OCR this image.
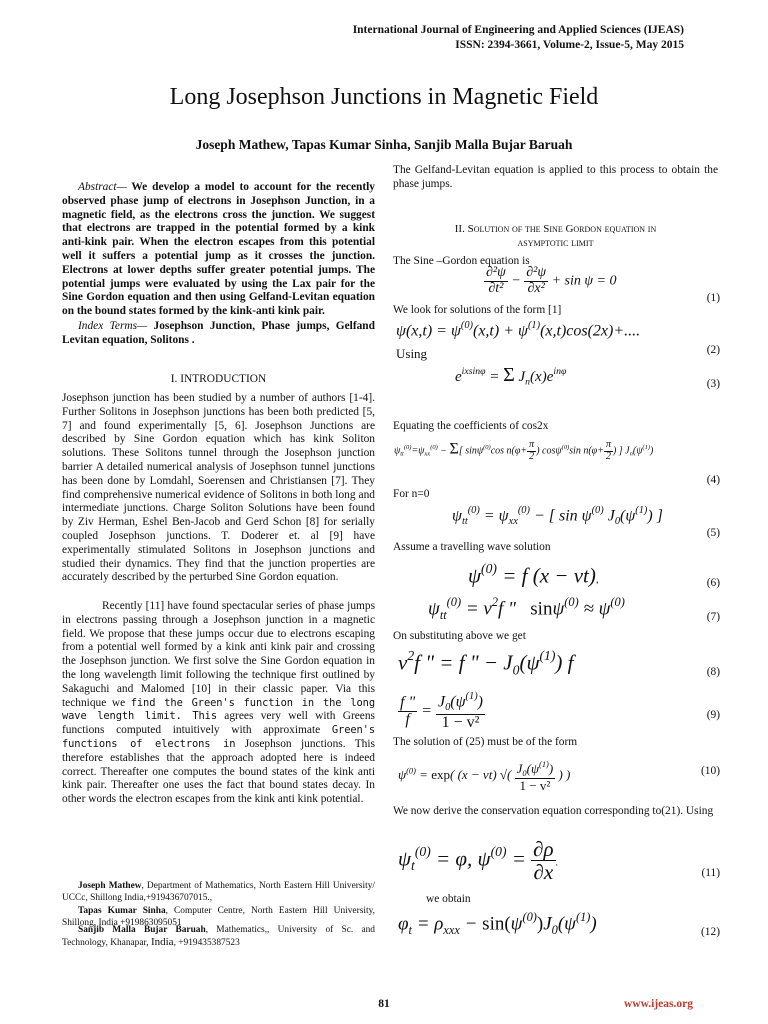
International Journal of Engineering and Applied Sciences (IJEAS)
ISSN: 2394-3661, Volume-2, Issue-5, May 2015
Long Josephson Junctions in Magnetic Field
Joseph Mathew, Tapas Kumar Sinha, Sanjib Malla Bujar Baruah
Abstract— We develop a model to account for the recently observed phase jump of electrons in Josephson Junction, in a magnetic field, as the electrons cross the junction. We suggest that electrons are trapped in the potential formed by a kink anti-kink pair. When the electron escapes from this potential well it suffers a potential jump as it crosses the junction. Electrons at lower depths suffer greater potential jumps. The potential jumps were evaluated by using the Lax pair for the Sine Gordon equation and then using Gelfand-Levitan equation on the bound states formed by the kink-anti kink pair.
Index Terms— Josephson Junction, Phase jumps, Gelfand Levitan equation, Solitons .
I. INTRODUCTION
Josephson junction has been studied by a number of authors [1-4]. Further Solitons in Josephson junctions has been both predicted [5, 7] and found experimentally [5, 6]. Josephson Junctions are described by Sine Gordon equation which has kink Soliton solutions. These Solitons tunnel through the Josephson junction barrier A detailed numerical analysis of Josephson tunnel junctions has been done by Lomdahl, Soerensen and Christiansen [7]. They find comprehensive numerical evidence of Solitons in both long and intermediate junctions. Charge Soliton Solutions have been found by Ziv Herman, Eshel Ben-Jacob and Gerd Schon [8] for serially coupled Josephson junctions. T. Doderer et. al [9] have experimentally stimulated Solitons in Josephson junctions and studied their dynamics. They find that the junction properties are accurately described by the perturbed Sine Gordon equation.
Recently [11] have found spectacular series of phase jumps in electrons passing through a Josephson junction in a magnetic field. We propose that these jumps occur due to electrons escaping from a potential well formed by a kink anti kink pair and crossing the Josephson junction. We first solve the Sine Gordon equation in the long wavelength limit following the technique first outlined by Sakaguchi and Malomed [10] in their classic paper. Via this technique we find the Green's function in the long wave length limit. This agrees very well with Greens functions computed intuitively with approximate Green's functions of electrons in Josephson junctions. This therefore establishes that the approach adopted here is indeed correct. Thereafter one computes the bound states of the kink anti kink pair. Thereafter one uses the fact that bound states decay. In other words the electron escapes from the kink anti kink potential.
Joseph Mathew, Department of Mathematics, North Eastern Hill University/ UCCc, Shillong India,+919436707015.,
Tapas Kumar Sinha, Computer Centre, North Eastern Hill University, Shillong, India +919863095051
Sanjib Malla Bujar Baruah, Mathematics,, University of Sc. and Technology, Khanapar, India, +919435387523
The Gelfand-Levitan equation is applied to this process to obtain the phase jumps.
II. Solution of the Sine Gordon equation in
asymptotic limit
The Sine –Gordon equation is
$\frac{\text{∂²ψ}}{\text{∂t²}} - \frac{\text{∂²ψ}}{\text{∂x²}} + \sin \psi = 0$
(1)
We look for solutions of the form [1]
$\psi(x,t) = \psi^{(0)}(x,t) + \psi^{(1)}(x,t)\cos(2x)+$....
Using	(2)
$e^{ixsin\varphi} = \Sigma$ $J_n(x)e^{in\varphi}$
(3)
Equating the coefficients of cos2x
$\psi_{tt}^{(0)}=\psi_{xx}^{(0)} - \Sigma$[ sinψ$^{(0)}$cos $n(\varphi+ \frac{\pi}{2}$ ) cosψ$^{(0)}$sin $n(\varphi+ \frac{\pi}{2}$ ) ] $J_n(\psi^{(1)})$
(4)
For n=0
$\psi_{tt}^{(0)} = \psi_{xx}^{(0)}$ − [ $\sin \psi^{(0)}$ $J_0(\psi^{(1)})$ ]
(5)
Assume a travelling wave solution
$\psi^{(0)} = f$ (x − vt),	(6)
$\psi_{tt}^{(0)} = v^2f$ "   $\sin\psi^{(0)} \approx \psi^{(0)}$
(7)
On substituting above we get
$v^2f$ " = f " − $J_0(\psi^{(1)})$ f	(8)
$\frac{f "}{f} = \frac{J_0(\psi^{(1)})}{\text{1 − v²}}$	(9)
The solution of (25) must be of the form
$\psi^{(0)} = \exp$( (x − vt) √( $\frac{J_0(\psi^{(1)})}{\text{1 − v²}}$ ) )	(10)
We now derive the conservation equation corresponding to(21). Using
$\psi_t^{(0)} = \varphi$, $\psi^{(0)} = \frac{\partial\rho}{\partial x}$ .
(11)
we obtain
$\varphi_t = \rho_{xxx} - \sin(\psi^{(0)})J_0(\psi^{(1)})$	(12)
81	www.ijeas.org
